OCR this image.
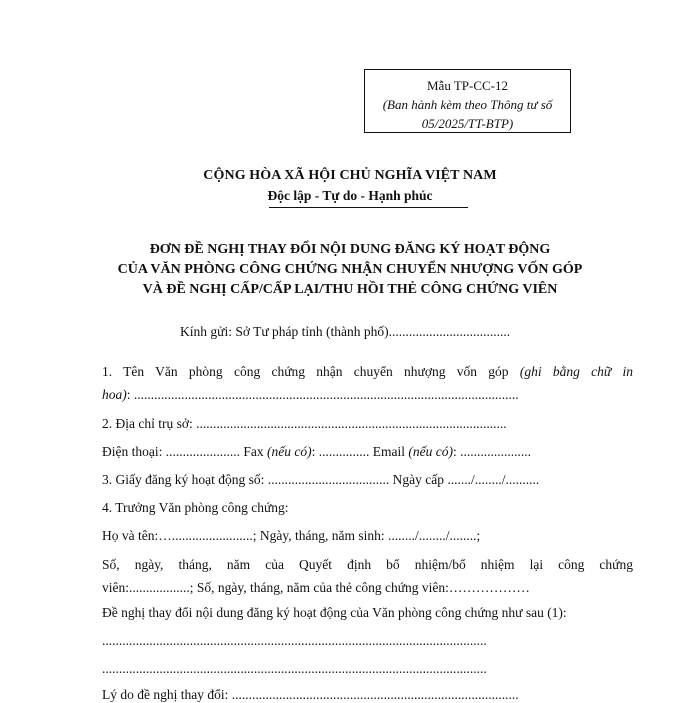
Mẫu TP-CC-12
(Ban hành kèm theo Thông tư số
05/2025/TT-BTP)
CỘNG HÒA XÃ HỘI CHỦ NGHĨA VIỆT NAM
Độc lập - Tự do - Hạnh phúc
ĐƠN ĐỀ NGHỊ THAY ĐỔI NỘI DUNG ĐĂNG KÝ HOẠT ĐỘNG
CỦA VĂN PHÒNG CÔNG CHỨNG NHẬN CHUYỂN NHƯỢNG VỐN GÓP
VÀ ĐỀ NGHỊ CẤP/CẤP LẠI/THU HỒI THẺ CÔNG CHỨNG VIÊN
Kính gửi: Sở Tư pháp tỉnh (thành phố)....................................
1. Tên Văn phòng công chứng nhận chuyển nhượng vốn góp (ghi bằng chữ in
hoa): ..................................................................................................................
2. Địa chỉ trụ sở: ............................................................................................
Điện thoại: ...................... Fax (nếu có): ............... Email (nếu có): .....................
3. Giấy đăng ký hoạt động số: .................................... Ngày cấp ......./......../..........
4. Trưởng Văn phòng công chứng:
Họ và tên:…........................; Ngày, tháng, năm sinh: ......../......../........;
Số, ngày, tháng, năm của Quyết định bổ nhiệm/bổ nhiệm lại công chứng
viên:..................; Số, ngày, tháng, năm của thẻ công chứng viên:………………
Đề nghị thay đổi nội dung đăng ký hoạt động của Văn phòng công chứng như sau (1):
..................................................................................................................
..................................................................................................................
Lý do đề nghị thay đổi: .....................................................................................
